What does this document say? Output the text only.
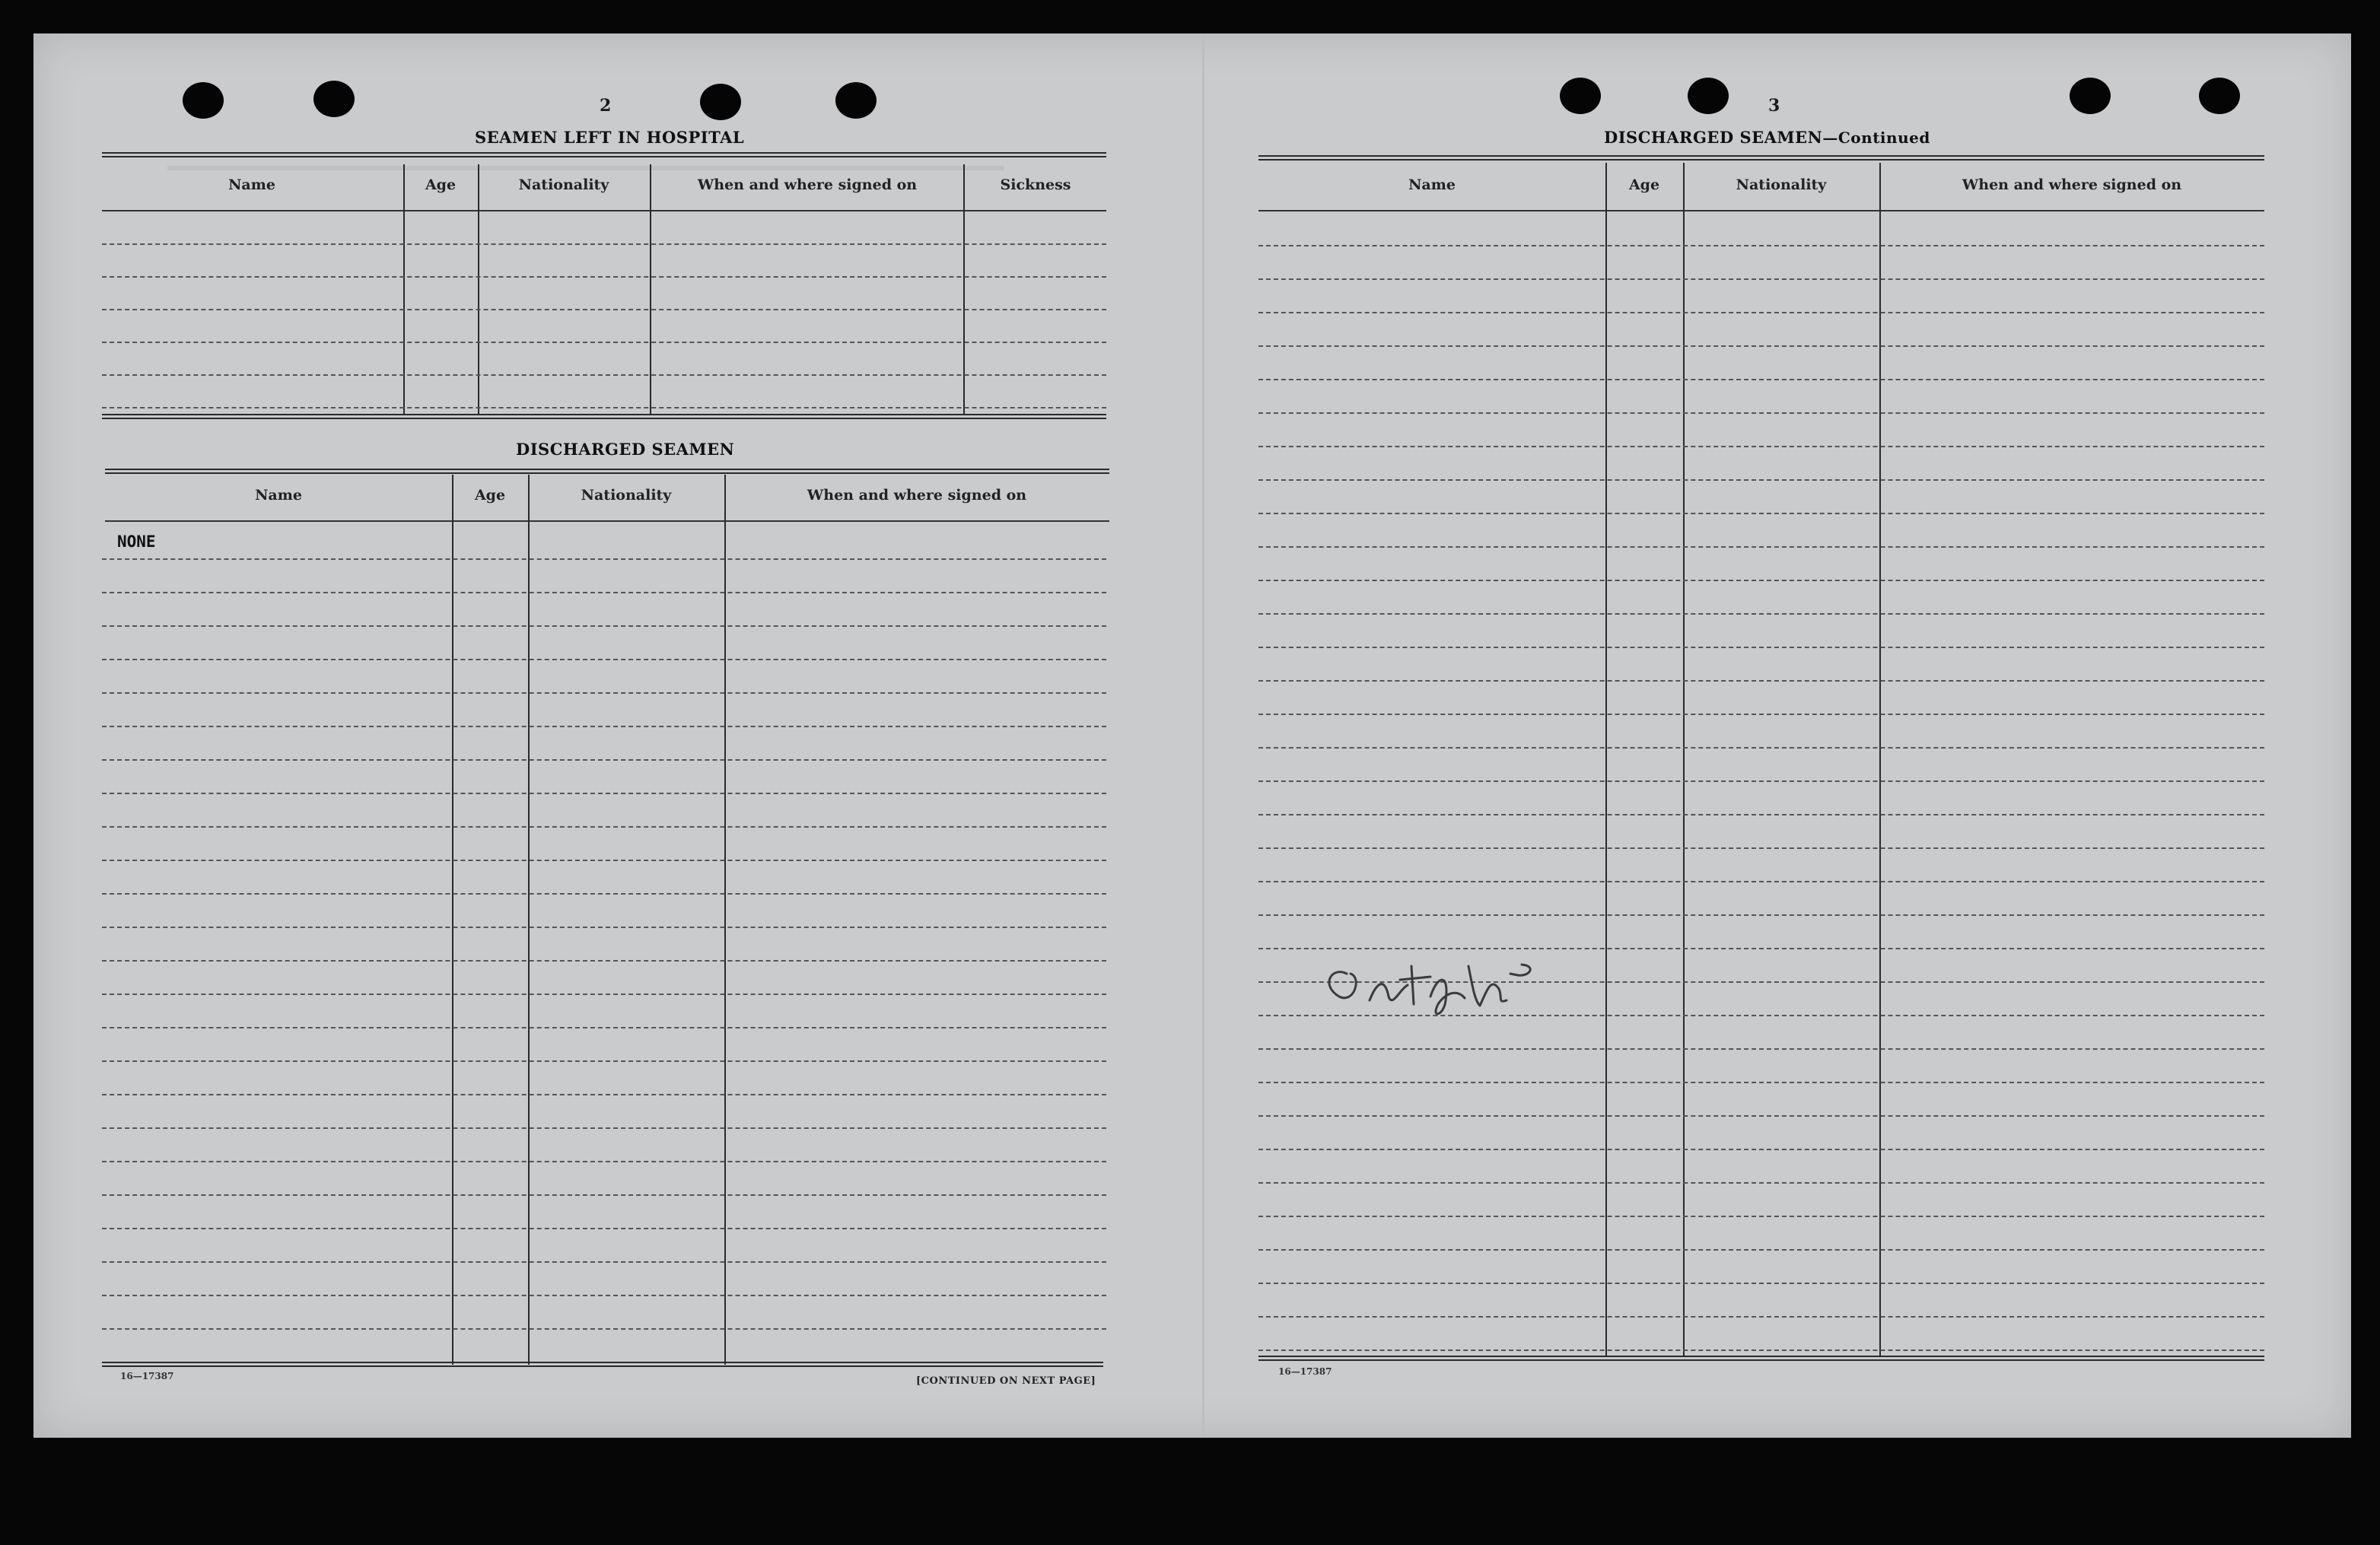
2
SEAMEN LEFT IN HOSPITAL
Name	Age	Nationality	When and where signed on	Sickness
DISCHARGED SEAMEN
Name	Age	Nationality	When and where signed on
NONE
16—17387	[CONTINUED ON NEXT PAGE]
3
DISCHARGED SEAMEN—Continued
Name	Age	Nationality	When and where signed on
16—17387
